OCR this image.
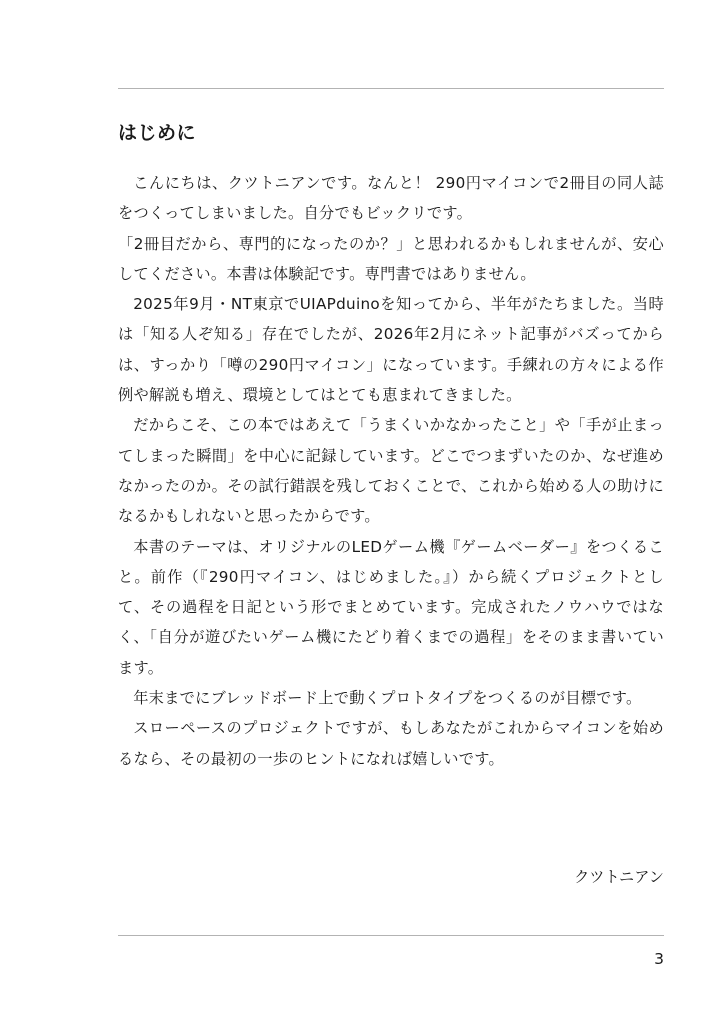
はじめに

こんにちは、クツトニアンです。なんと！ 290円マイコンで2冊目の同人誌をつくってしまいました。自分でもビックリです。

「2冊目だから、専門的になったのか？」と思われるかもしれませんが、安心してください。本書は体験記です。専門書ではありません。

2025年9月・NT東京でUIAPduinoを知ってから、半年がたちました。当時は「知る人ぞ知る」存在でしたが、2026年2月にネット記事がバズってからは、すっかり「噂の290円マイコン」になっています。手練れの方々による作例や解説も増え、環境としてはとても恵まれてきました。

だからこそ、この本ではあえて「うまくいかなかったこと」や「手が止まってしまった瞬間」を中心に記録しています。どこでつまずいたのか、なぜ進めなかったのか。その試行錯誤を残しておくことで、これから始める人の助けになるかもしれないと思ったからです。

本書のテーマは、オリジナルのLEDゲーム機『ゲームベーダー』をつくること。前作（『290円マイコン、はじめました。』）から続くプロジェクトとして、その過程を日記という形でまとめています。完成されたノウハウではなく、「自分が遊びたいゲーム機にたどり着くまでの過程」をそのまま書いています。

年末までにブレッドボード上で動くプロトタイプをつくるのが目標です。

スローペースのプロジェクトですが、もしあなたがこれからマイコンを始めるなら、その最初の一歩のヒントになれば嬉しいです。

クツトニアン
3
